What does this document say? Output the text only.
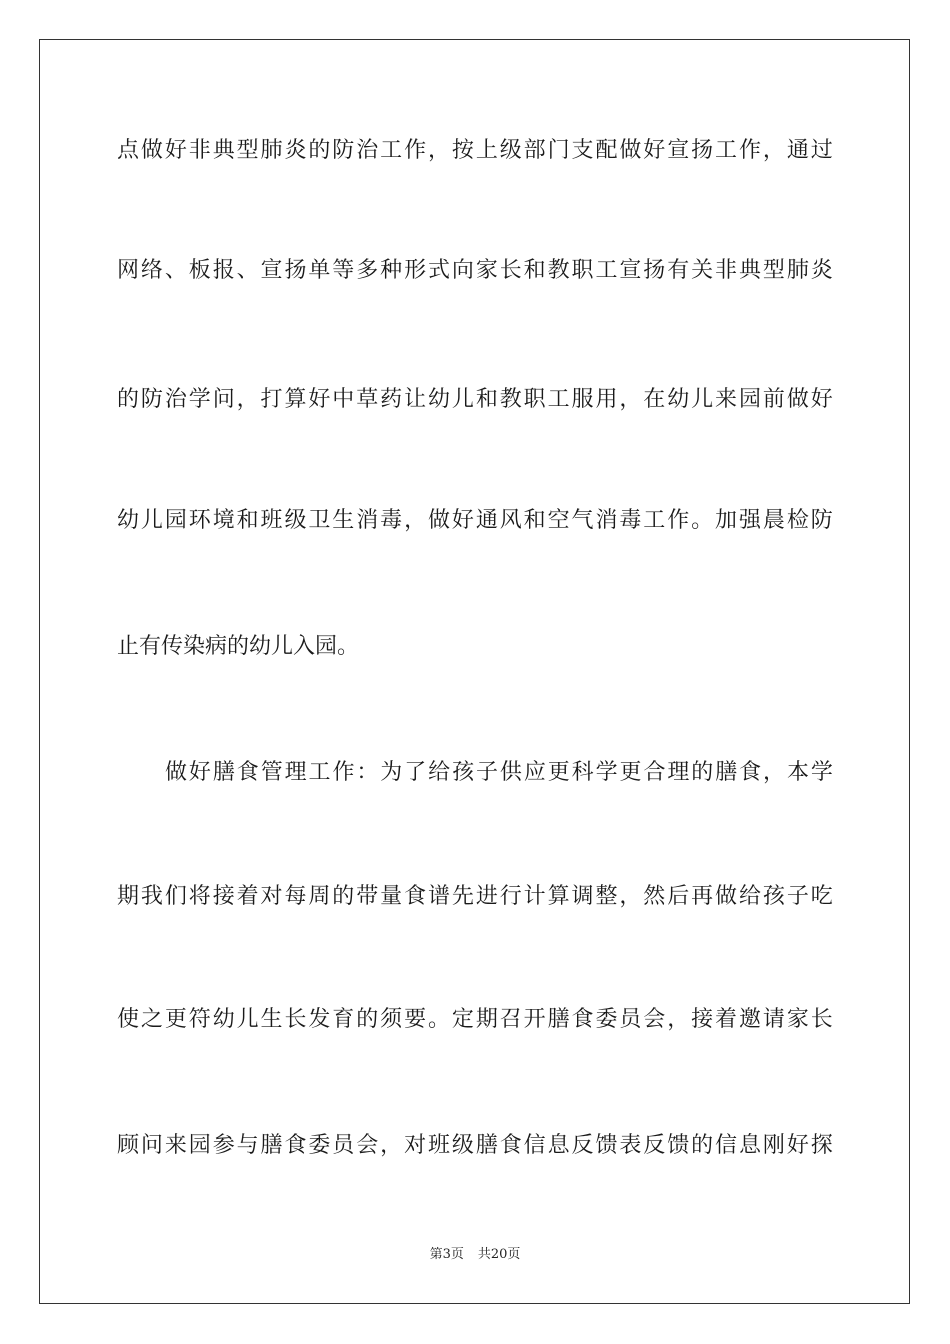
点 做 好 非 典 型 肺 炎 的 防 治 工 作 ， 按 上 级 部 门 支 配 做 好 宣 扬 工 作 ， 通 过
网 络 、 板 报 、 宣 扬 单 等 多 种 形 式 向 家 长 和 教 职 工 宣 扬 有 关 非 典 型 肺 炎
的 防 治 学 问 ， 打 算 好 中 草 药 让 幼 儿 和 教 职 工 服 用 ， 在 幼 儿 来 园 前 做 好
幼 儿 园 环 境 和 班 级 卫 生 消 毒 ， 做 好 通 风 和 空 气 消 毒 工 作 。 加 强 晨 检 防
止有传染病的幼儿入园。
做 好 膳 食 管 理 工 作 ： 为 了 给 孩 子 供 应 更 科 学 更 合 理 的 膳 食 ， 本 学
期 我 们 将 接 着 对 每 周 的 带 量 食 谱 先 进 行 计 算 调 整 ， 然 后 再 做 给 孩 子 吃
使 之 更 符 幼 儿 生 长 发 育 的 须 要 。 定 期 召 开 膳 食 委 员 会 ， 接 着 邀 请 家 长
顾 问 来 园 参 与 膳 食 委 员 会 ， 对 班 级 膳 食 信 息 反 馈 表 反 馈 的 信 息 刚 好 探
第3页 共20页
